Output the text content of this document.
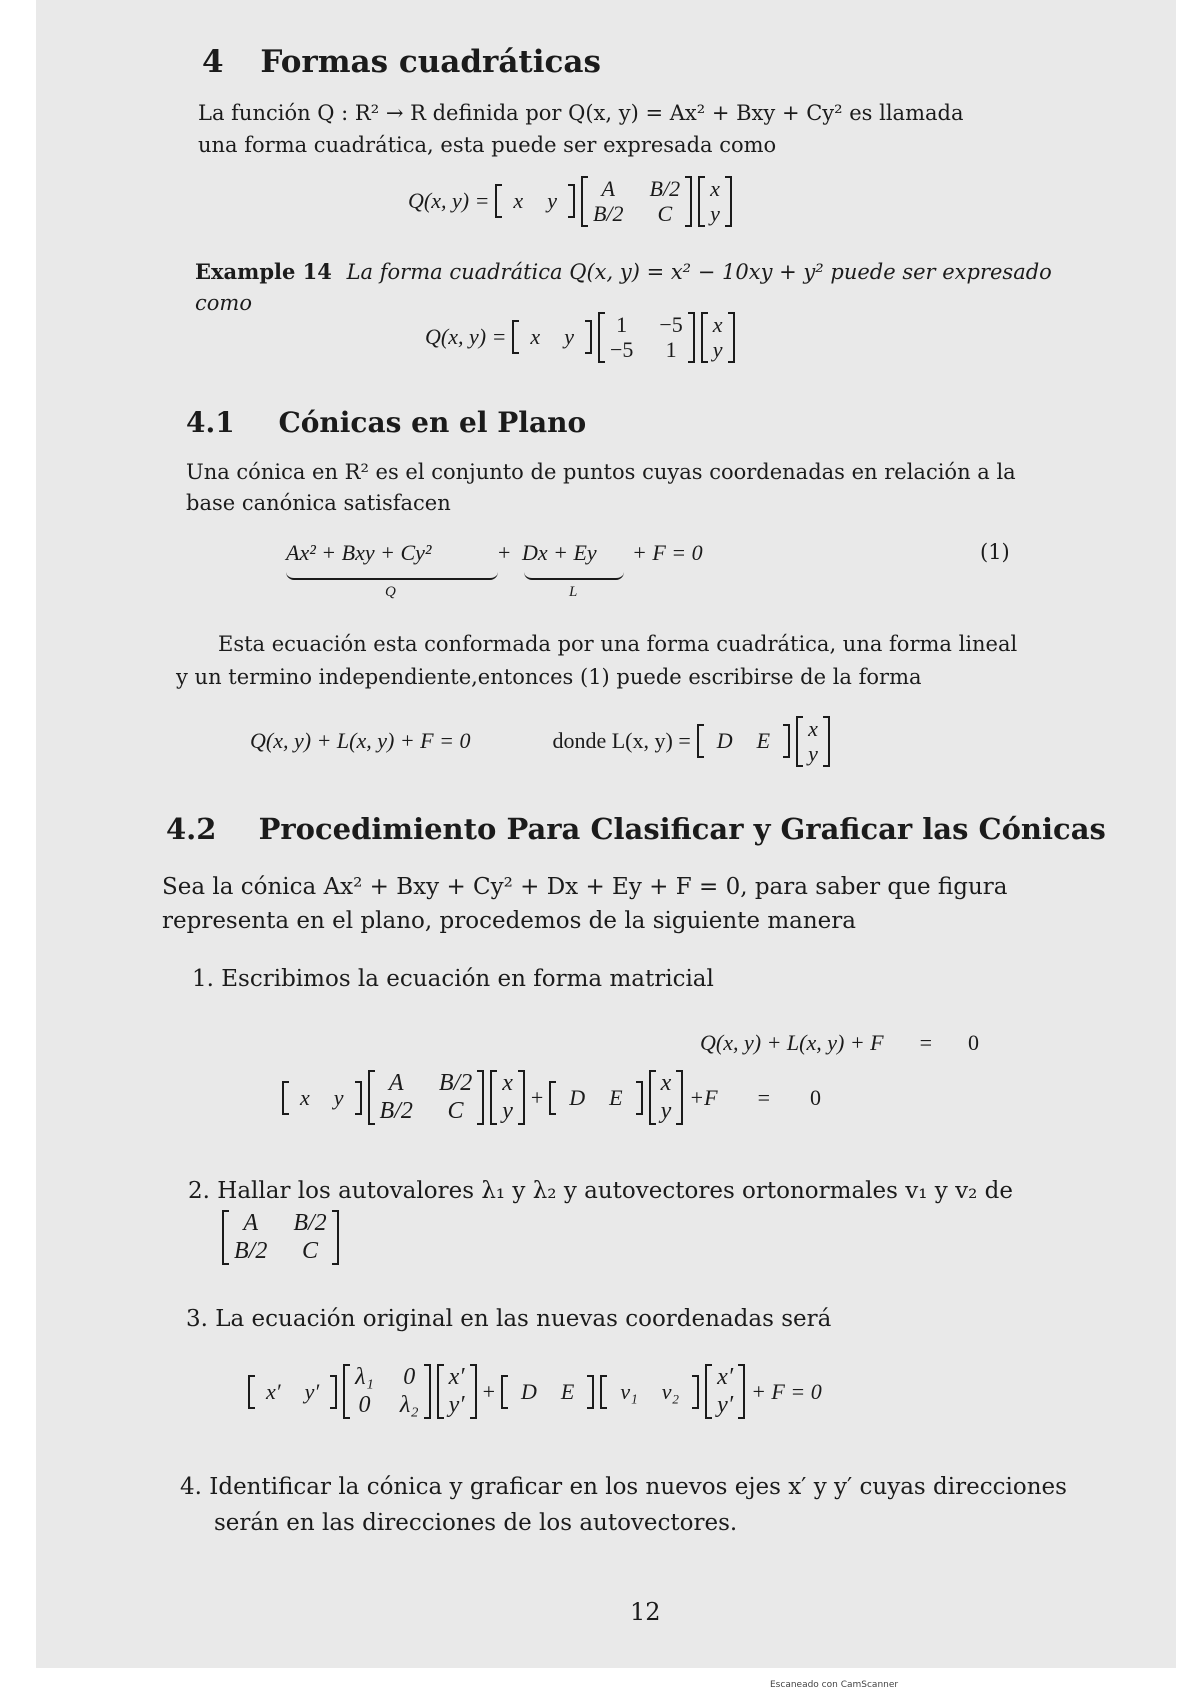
4 Formas cuadráticas
La función Q : R² → R definida por Q(x, y) = Ax² + Bxy + Cy² es llamada
una forma cuadrática, esta puede ser expresada como
Q(x, y) = x y	A	B/2
B/2	C
x
y
Example 14 La forma cuadrática Q(x, y) = x² − 10xy + y² puede ser expresado
como
Q(x, y) = x y 1 −5
−5 1
x
y
4.1 Cónicas en el Plano
Una cónica en R² es el conjunto de puntos cuyas coordenadas en relación a la
base canónica satisfacen
Ax² + Bxy + Cy²	+ Dx + Ey + F = 0
Q	L
(1)
Esta ecuación esta conformada por una forma cuadrática, una forma lineal
y un termino independiente,entonces (1) puede escribirse de la forma
Q(x, y) + L(x, y) + F = 0	donde L(x, y) = D E x
y
4.2 Procedimiento Para Clasificar y Graficar las Cónicas
Sea la cónica Ax² + Bxy + Cy² + Dx + Ey + F = 0, para saber que figura
representa en el plano, procedemos de la siguiente manera
1. Escribimos la ecuación en forma matricial
Q(x, y) + L(x, y) + F = 0
x y
A	B/2
B/2	C
x
y
+ D E
x
y
+F = 0
2. Hallar los autovalores λ₁ y λ₂ y autovectores ortonormales v₁ y v₂ de
A	B/2
B/2	C
3. La ecuación original en las nuevas coordenadas será
x′ y′
λ₁ 0
0 λ₂
x′
y′
+ D E v₁ v₂
x′
y′
+ F = 0
4. Identificar la cónica y graficar en los nuevos ejes x′ y y′ cuyas direcciones
serán en las direcciones de los autovectores.
12
Escaneado con CamScanner
